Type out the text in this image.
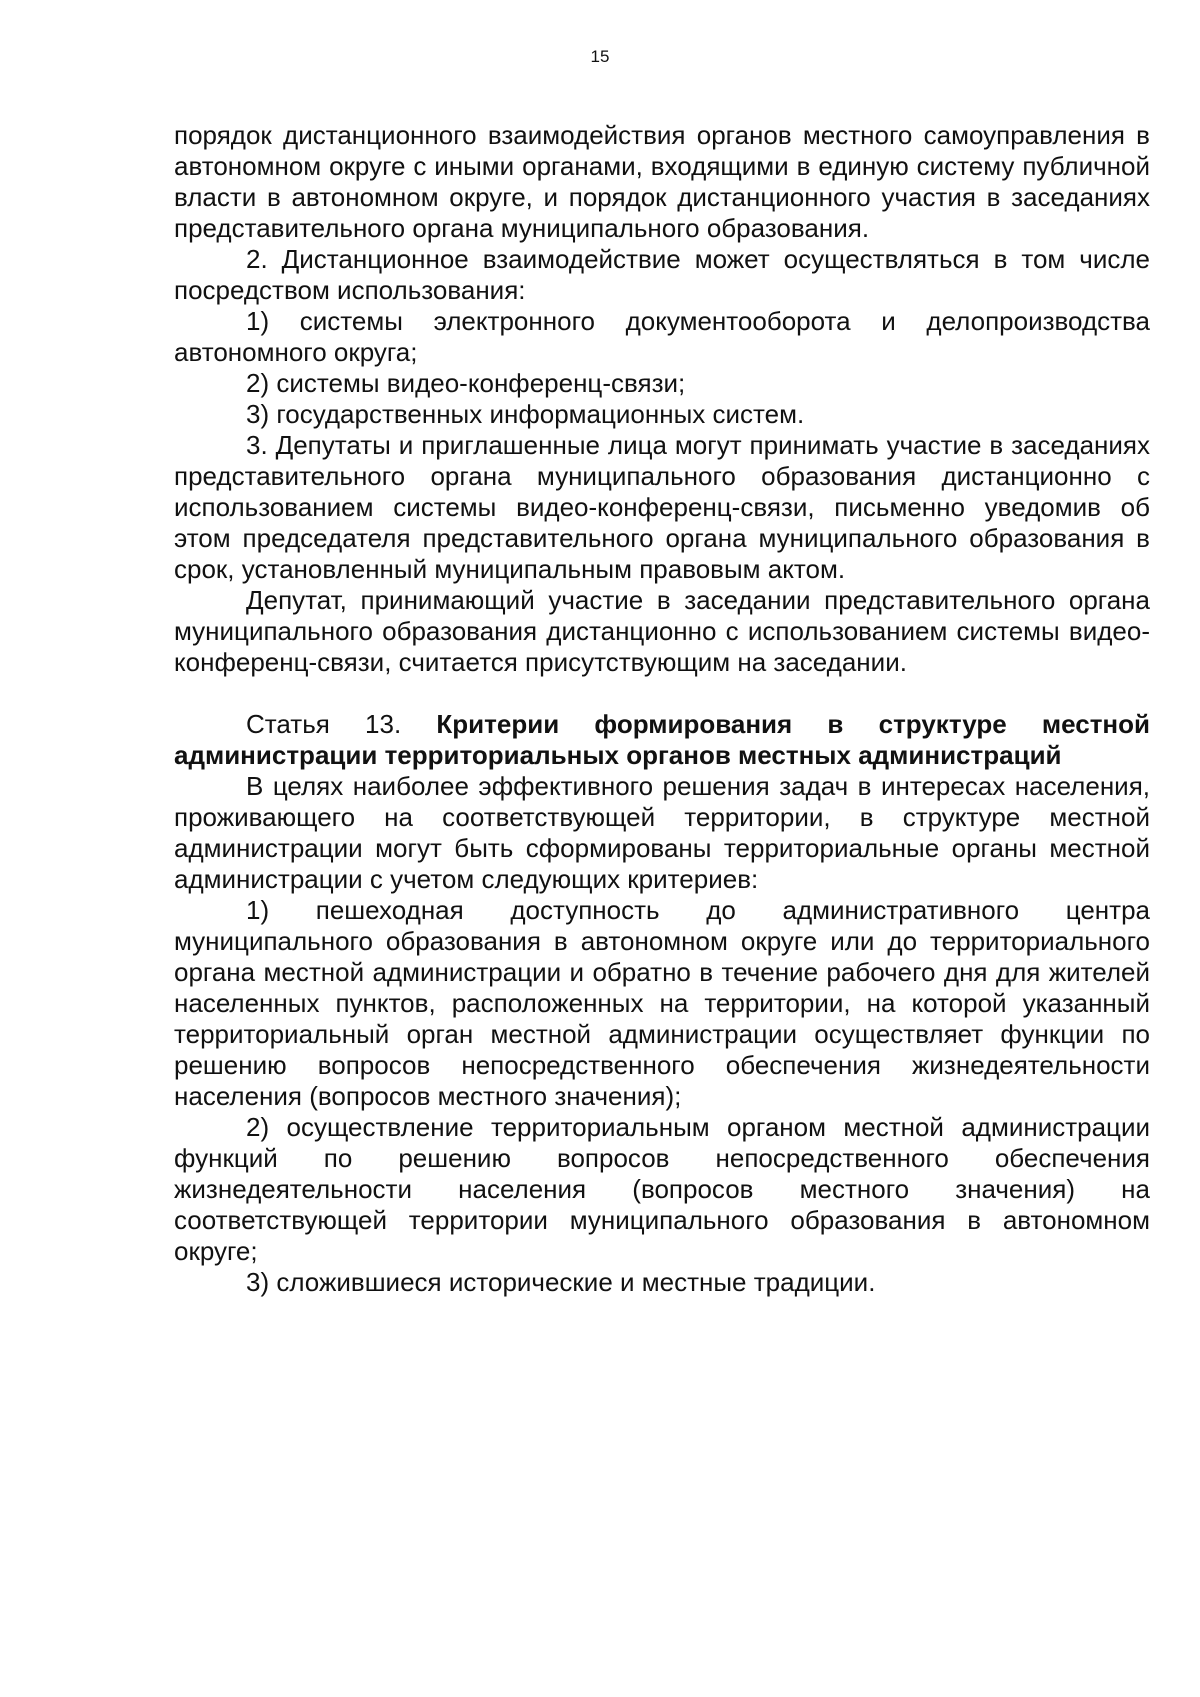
15

порядок дистанционного взаимодействия органов местного самоуправления в автономном округе с иными органами, входящими в единую систему публичной власти в автономном округе, и порядок дистанционного участия в заседаниях представительного органа муниципального образования.

2. Дистанционное взаимодействие может осуществляться в том числе посредством использования:

1) системы электронного документооборота и делопроизводства автономного округа;

2) системы видео-конференц-связи;

3) государственных информационных систем.

3. Депутаты и приглашенные лица могут принимать участие в заседаниях представительного органа муниципального образования дистанционно с использованием системы видео-конференц-связи, письменно уведомив об этом председателя представительного органа муниципального образования в срок, установленный муниципальным правовым актом.

Депутат, принимающий участие в заседании представительного органа муниципального образования дистанционно с использованием системы видео-конференц-связи, считается присутствующим на заседании.

Статья 13. Критерии формирования в структуре местной администрации территориальных органов местных администраций

В целях наиболее эффективного решения задач в интересах населения, проживающего на соответствующей территории, в структуре местной администрации могут быть сформированы территориальные органы местной администрации с учетом следующих критериев:

1) пешеходная доступность до административного центра муниципального образования в автономном округе или до территориального органа местной администрации и обратно в течение рабочего дня для жителей населенных пунктов, расположенных на территории, на которой указанный территориальный орган местной администрации осуществляет функции по решению вопросов непосредственного обеспечения жизнедеятельности населения (вопросов местного значения);

2) осуществление территориальным органом местной администрации функций по решению вопросов непосредственного обеспечения жизнедеятельности населения (вопросов местного значения) на соответствующей территории муниципального образования в автономном округе;

3) сложившиеся исторические и местные традиции.
